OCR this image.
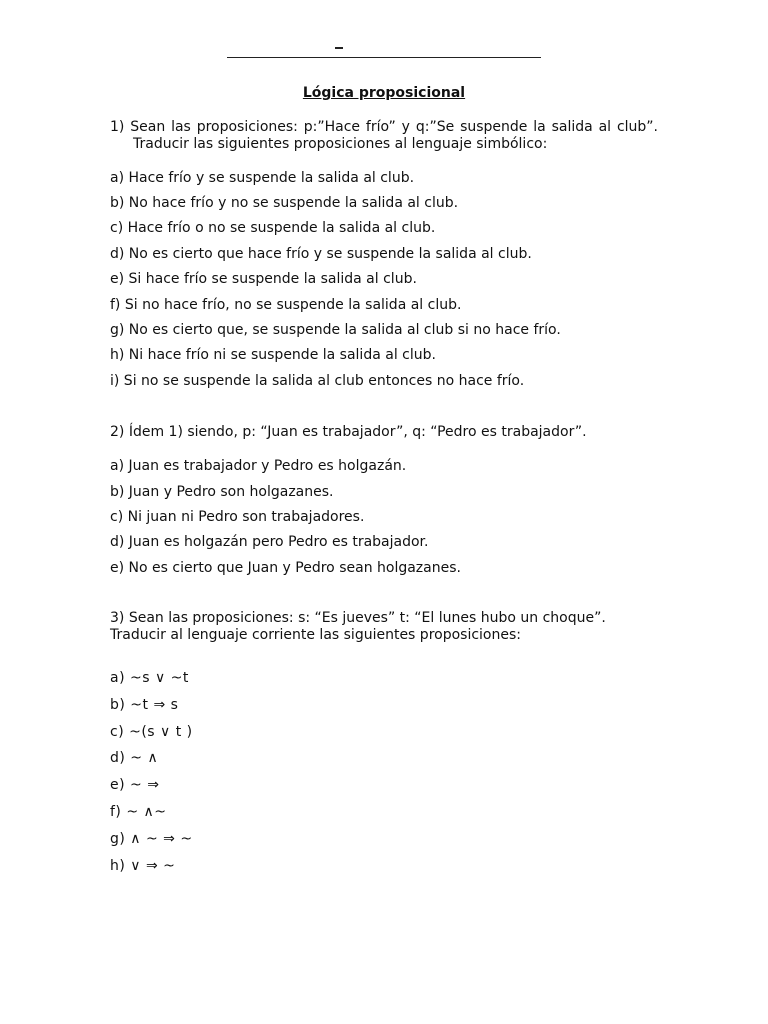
Lógica proposicional
1) Sean las proposiciones: p:”Hace frío” y q:”Se suspende la salida al club”.
Traducir las siguientes proposiciones al lenguaje simbólico:
a) Hace frío y se suspende la salida al club.
b) No hace frío y no se suspende la salida al club.
c) Hace frío o no se suspende la salida al club.
d) No es cierto que hace frío y se suspende la salida al club.
e) Si hace frío se suspende la salida al club.
f) Si no hace frío, no se suspende la salida al club.
g) No es cierto que, se suspende la salida al club si no hace frío.
h) Ni hace frío ni se suspende la salida al club.
i) Si no se suspende la salida al club entonces no hace frío.
2) Ídem 1) siendo, p: “Juan es trabajador”, q: “Pedro es trabajador”.
a) Juan es trabajador y Pedro es holgazán.
b) Juan y Pedro son holgazanes.
c) Ni juan ni Pedro son trabajadores.
d) Juan es holgazán pero Pedro es trabajador.
e) No es cierto que Juan y Pedro sean holgazanes.
3) Sean las proposiciones: s: “Es jueves” t: “El lunes hubo un choque”.
Traducir al lenguaje corriente las siguientes proposiciones:
a) ~s ∨ ~t
b) ~t ⇒ s
c) ~(s ∨ t )
d) ~ ∧
e) ~ ⇒
f) ~ ∧~
g) ∧ ~ ⇒ ~
h) ∨ ⇒ ~
